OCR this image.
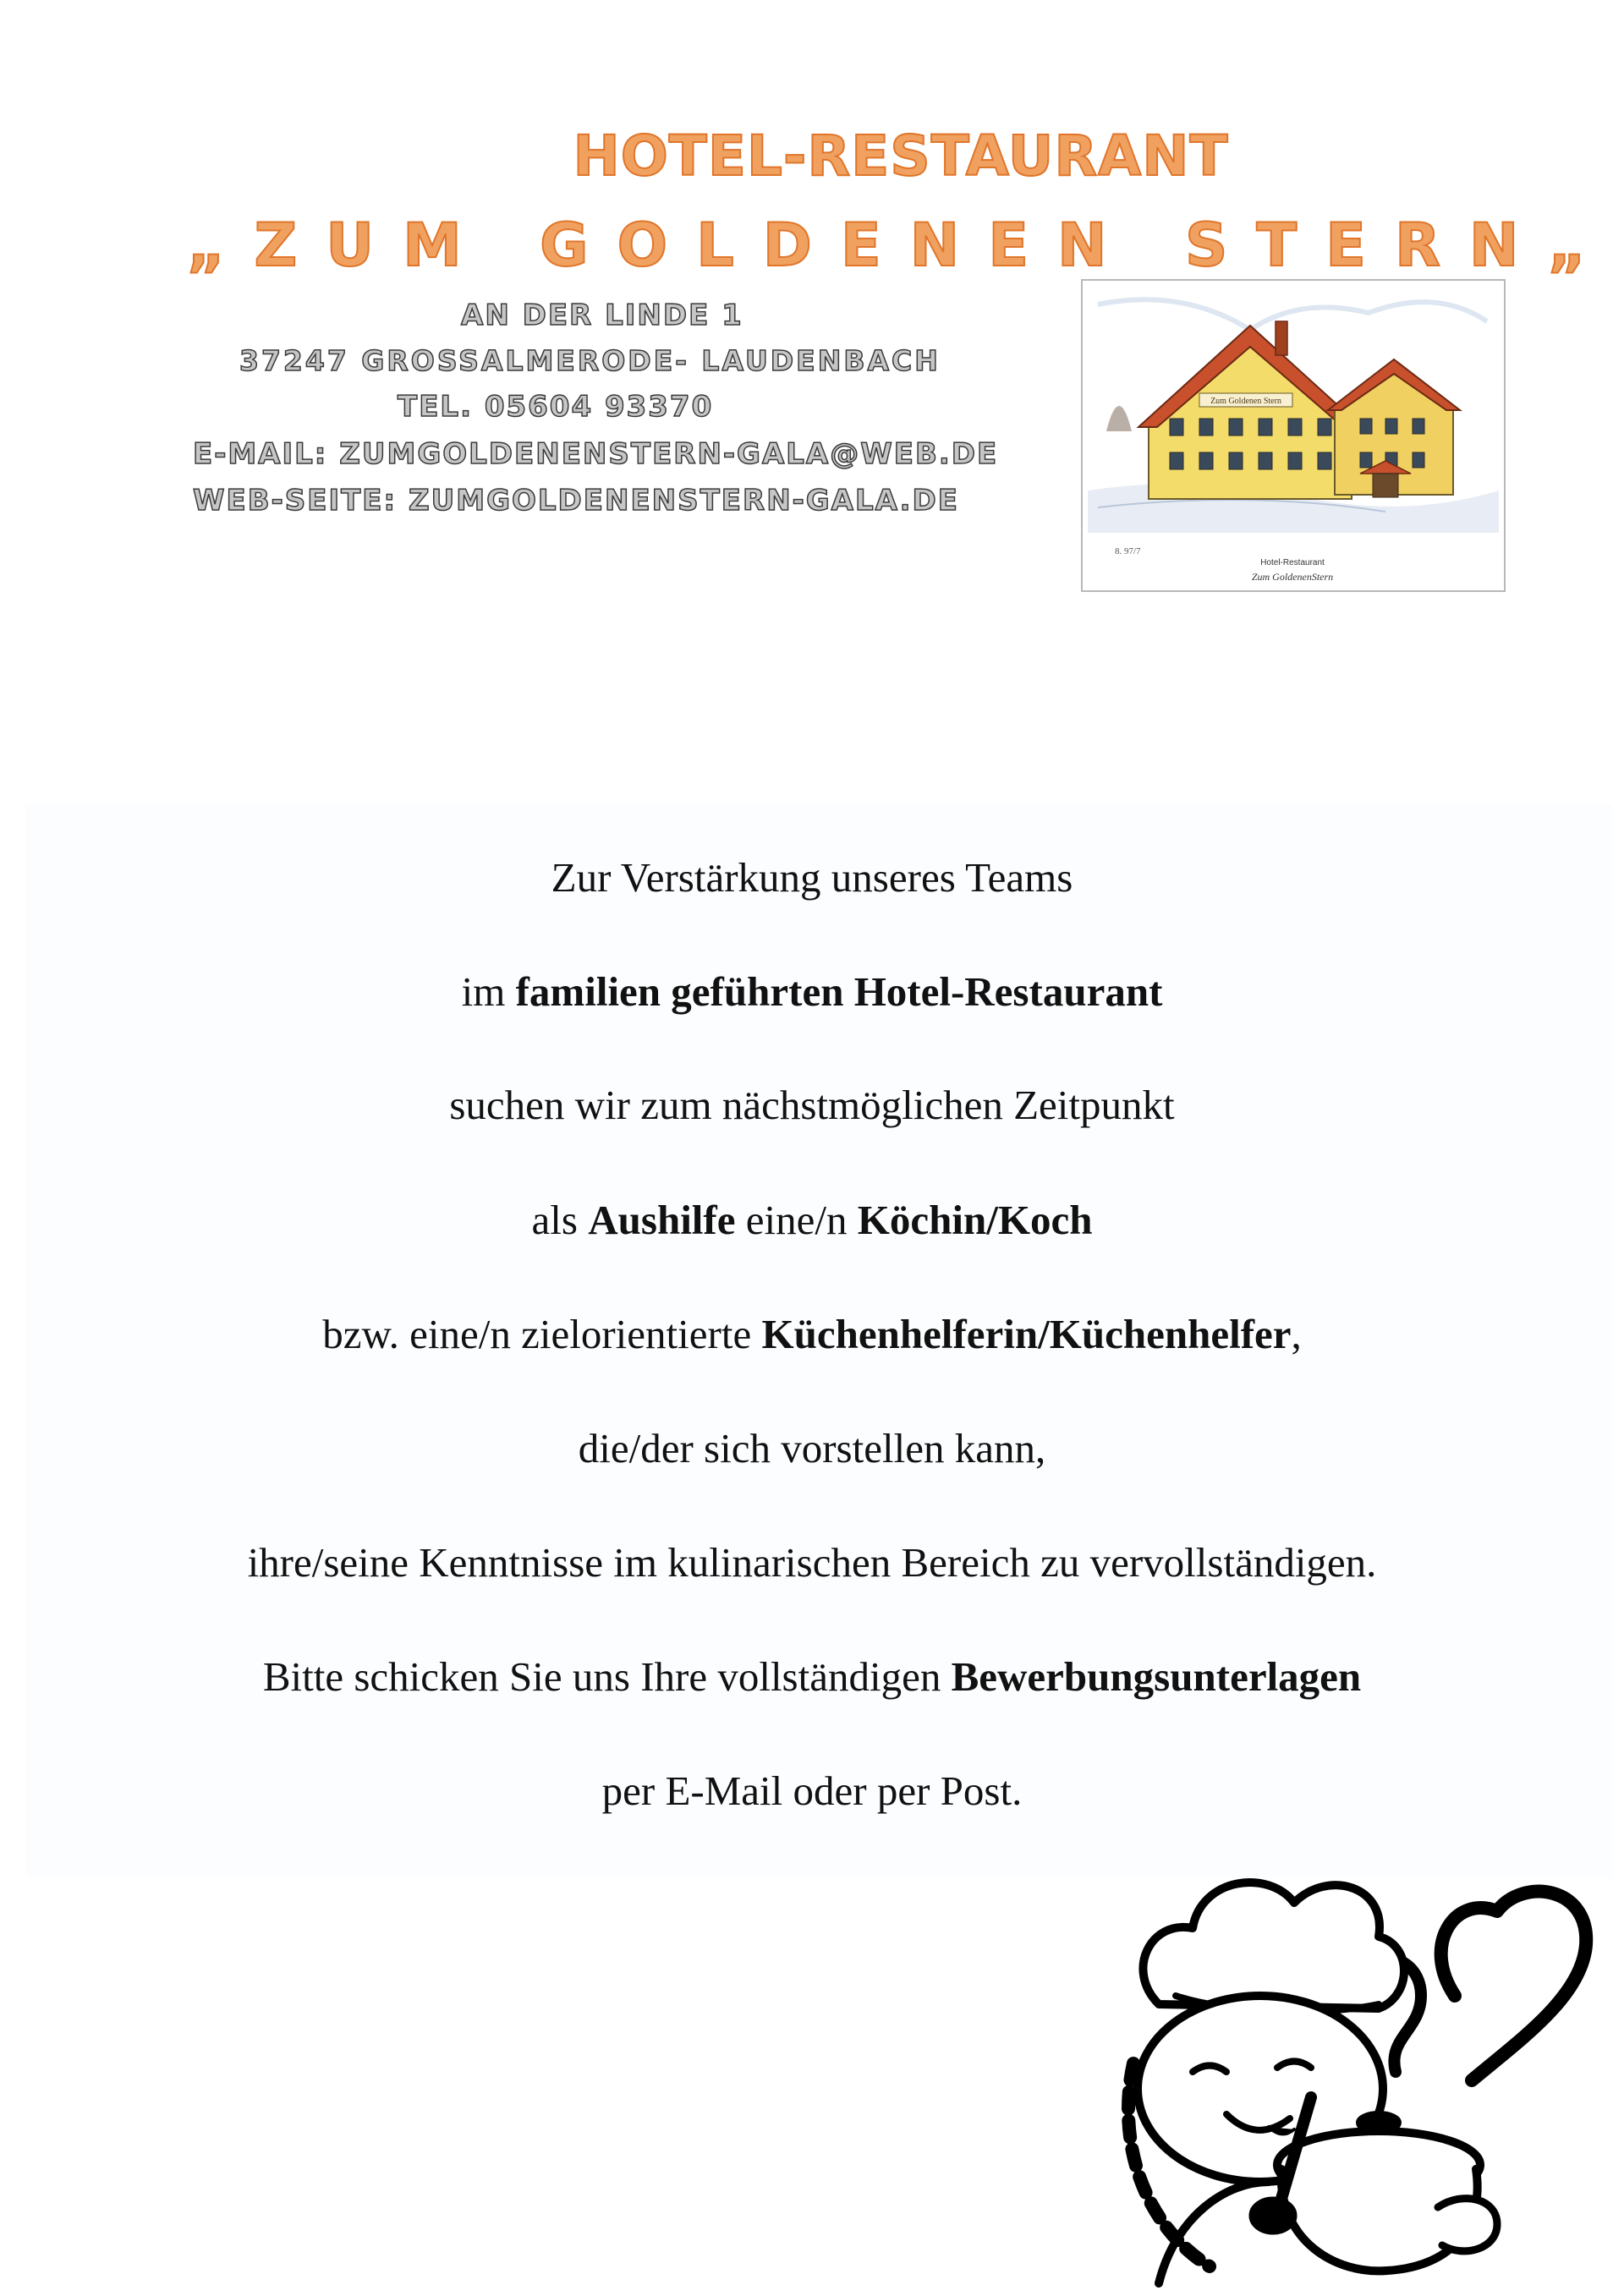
HOTEL-RESTAURANT
„ZUM GOLDENEN STERN„
AN DER LINDE 1
37247 GROSSALMERODE- LAUDENBACH
TEL. 05604 93370
E-MAIL: ZUMGOLDENENSTERN-GALA@WEB.DE
WEB-SEITE: ZUMGOLDENENSTERN-GALA.DE
Zum Goldenen Stern
8. 97/7
Hotel-Restaurant
Zum GoldenenStern
Zur Verstärkung unseres Teams
im familien geführten Hotel-Restaurant
suchen wir zum nächstmöglichen Zeitpunkt
als Aushilfe eine/n Köchin/Koch
bzw. eine/n zielorientierte Küchenhelferin/Küchenhelfer,
die/der sich vorstellen kann,
ihre/seine Kenntnisse im kulinarischen Bereich zu vervollständigen.
Bitte schicken Sie uns Ihre vollständigen Bewerbungsunterlagen
per E-Mail oder per Post.
